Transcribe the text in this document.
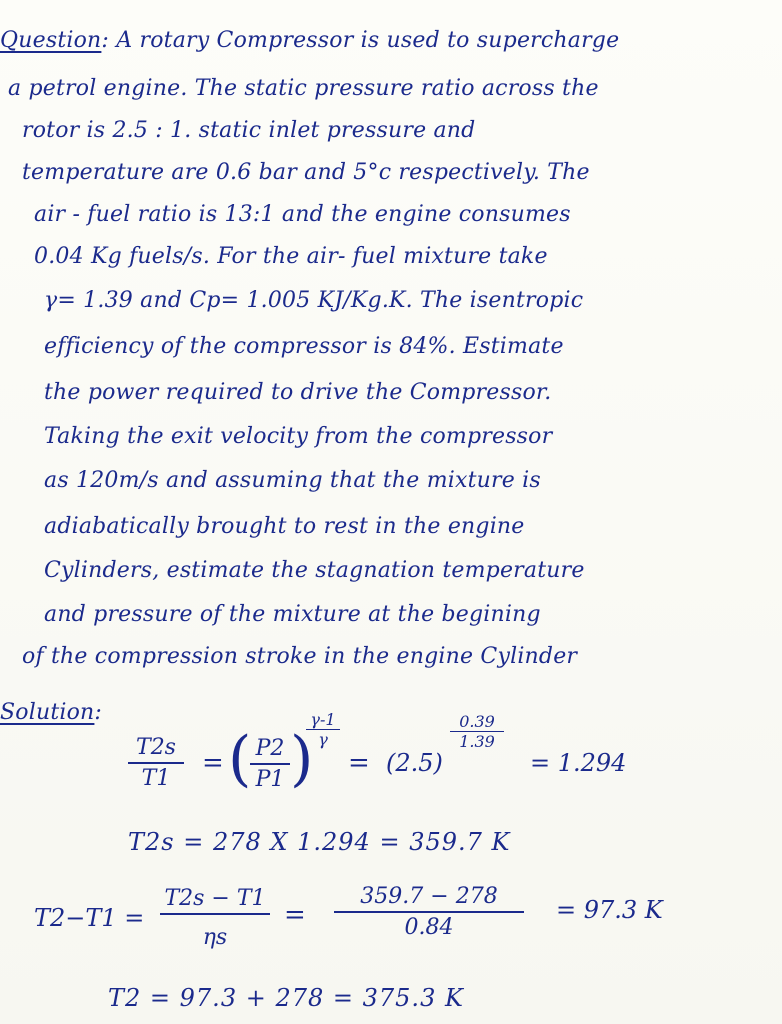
Question: A rotary Compressor is used to supercharge
a petrol engine. The static pressure ratio across the
rotor is 2.5 : 1. static inlet pressure and
temperature are 0.6 bar and 5°c respectively. The
air - fuel ratio is 13:1 and the engine consumes
0.04 Kg fuels/s. For the air- fuel mixture take
γ= 1.39 and Cp= 1.005 KJ/Kg.K. The isentropic
efficiency of the compressor is 84%. Estimate
the power required to drive the Compressor.
Taking the exit velocity from the compressor
as 120m/s and assuming that the mixture is
adiabatically brought to rest in the engine
Cylinders, estimate the stagnation temperature
and pressure of the mixture at the begining
of the compression stroke in the engine Cylinder
Solution:
$\frac{T2s}{T1}$ = (
$\frac{P2}{P1}$ )
$\frac{\gamma-1}{\gamma}$
= (2.5)
$\frac{0.39}{1.39}$
= 1.294
T2s = 278 X 1.294 = 359.7 K
$T2-T1 = \frac{T2s - T1}{\eta s} = \frac{359.7 - 278}{0.84} = 97.3$ K
T2 = 97.3 + 278 = 375.3 K
